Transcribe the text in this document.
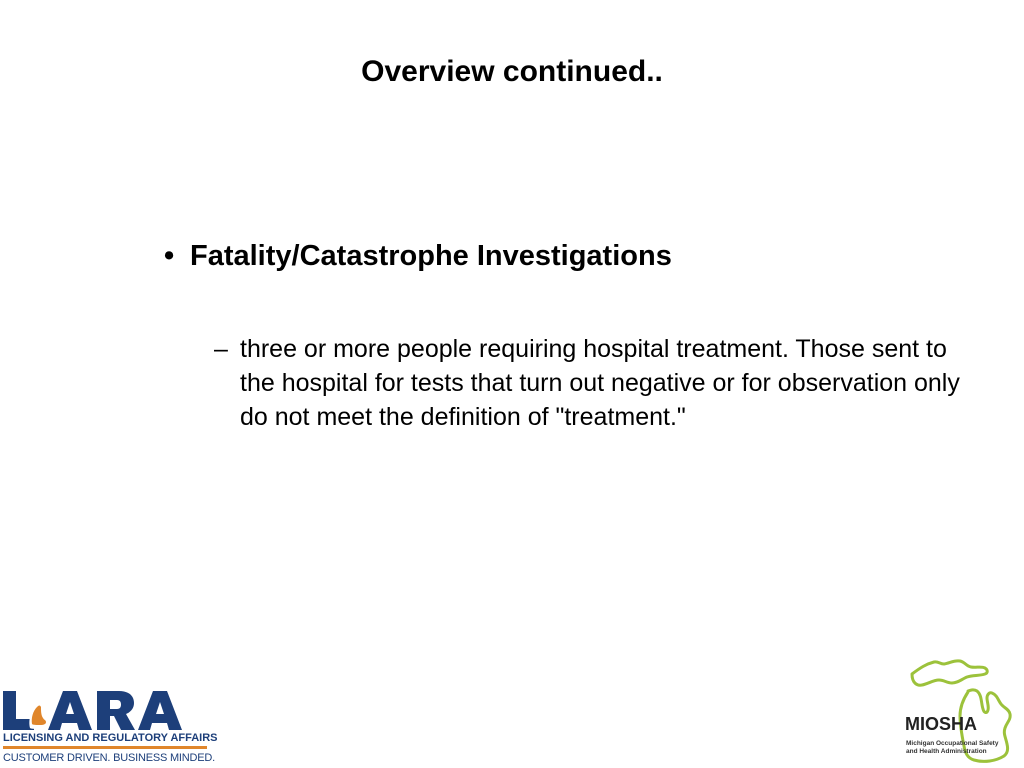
Overview continued..
• Fatality/Catastrophe Investigations
– three or more people requiring hospital treatment. Those sent to the hospital for tests that turn out negative or for observation only do not meet the definition of "treatment."
LICENSING AND REGULATORY AFFAIRS
CUSTOMER DRIVEN. BUSINESS MINDED.
MIOSHA
Michigan Occupational Safety
and Health Administration
